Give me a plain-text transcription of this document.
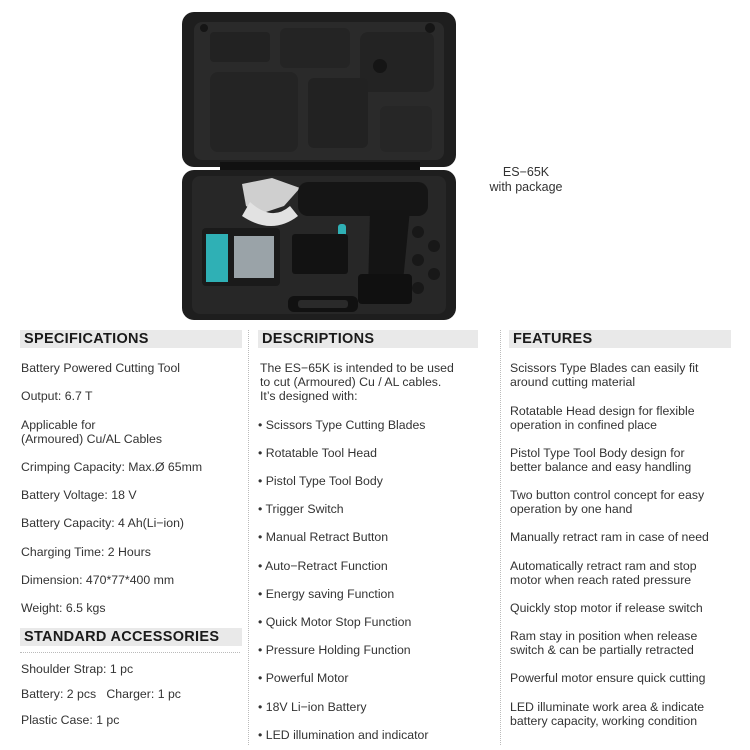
ES−65K
with package
SPECIFICATIONS
Battery Powered Cutting Tool
Output: 6.7 T
Applicable for
(Armoured) Cu/AL Cables
Crimping Capacity: Max.Ø 65mm
Battery Voltage: 18 V
Battery Capacity: 4 Ah(Li−ion)
Charging Time: 2 Hours
Dimension: 470*77*400 mm
Weight: 6.5 kgs
STANDARD ACCESSORIES
Shoulder Strap: 1 pc
Battery: 2 pcs   Charger: 1 pc
Plastic Case: 1 pc
DESCRIPTIONS
The ES−65K is intended to be used
to cut (Armoured) Cu / AL cables.
It’s designed with:
• Scissors Type Cutting Blades
• Rotatable Tool Head
• Pistol Type Tool Body
• Trigger Switch
• Manual Retract Button
• Auto−Retract Function
• Energy saving Function
• Quick Motor Stop Function
• Pressure Holding Function
• Powerful Motor
• 18V Li−ion Battery
• LED illumination and indicator
FEATURES
Scissors Type Blades can easily fit
around cutting material
Rotatable Head design for flexible
operation in confined place
Pistol Type Tool Body design for
better balance and easy handling
Two button control concept for easy
operation by one hand
Manually retract ram in case of need
Automatically retract ram and stop
motor when reach rated pressure
Quickly stop motor if release switch
Ram stay in position when release
switch & can be partially retracted
Powerful motor ensure quick cutting
LED illuminate work area & indicate
battery capacity, working condition
